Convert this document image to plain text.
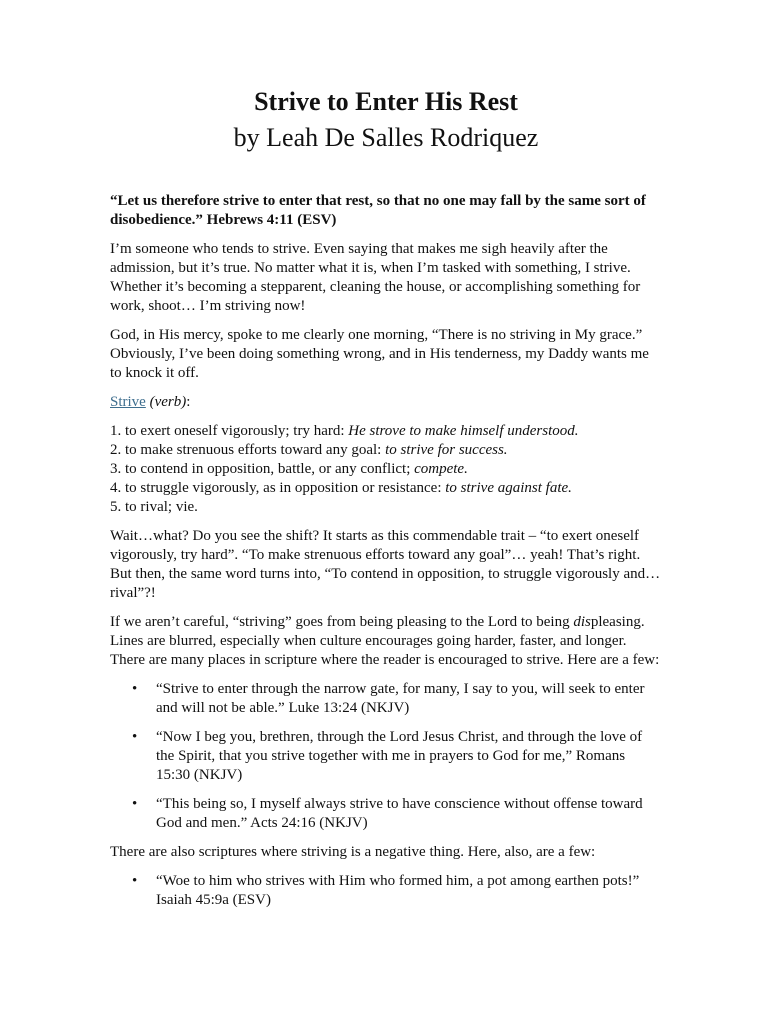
Strive to Enter His Rest
by Leah De Salles Rodriquez

“Let us therefore strive to enter that rest, so that no one may fall by the same sort of disobedience.” Hebrews 4:11 (ESV)

I’m someone who tends to strive. Even saying that makes me sigh heavily after the admission, but it’s true. No matter what it is, when I’m tasked with something, I strive. Whether it’s becoming a stepparent, cleaning the house, or accomplishing something for work, shoot… I’m striving now!

God, in His mercy, spoke to me clearly one morning, “There is no striving in My grace.” Obviously, I’ve been doing something wrong, and in His tenderness, my Daddy wants me to knock it off.

Strive (verb):

1. to exert oneself vigorously; try hard: He strove to make himself understood.
2. to make strenuous efforts toward any goal: to strive for success.
3. to contend in opposition, battle, or any conflict; compete.
4. to struggle vigorously, as in opposition or resistance: to strive against fate.
5. to rival; vie.

Wait…what? Do you see the shift? It starts as this commendable trait – “to exert oneself vigorously, try hard”. “To make strenuous efforts toward any goal”… yeah! That’s right. But then, the same word turns into, “To contend in opposition, to struggle vigorously and…rival”?!

If we aren’t careful, “striving” goes from being pleasing to the Lord to being displeasing. Lines are blurred, especially when culture encourages going harder, faster, and longer. There are many places in scripture where the reader is encouraged to strive. Here are a few:

• “Strive to enter through the narrow gate, for many, I say to you, will seek to enter and will not be able.” Luke 13:24 (NKJV)
• “Now I beg you, brethren, through the Lord Jesus Christ, and through the love of the Spirit, that you strive together with me in prayers to God for me,” Romans 15:30 (NKJV)
• “This being so, I myself always strive to have conscience without offense toward God and men.” Acts 24:16 (NKJV)

There are also scriptures where striving is a negative thing. Here, also, are a few:

• “Woe to him who strives with Him who formed him, a pot among earthen pots!” Isaiah 45:9a (ESV)
